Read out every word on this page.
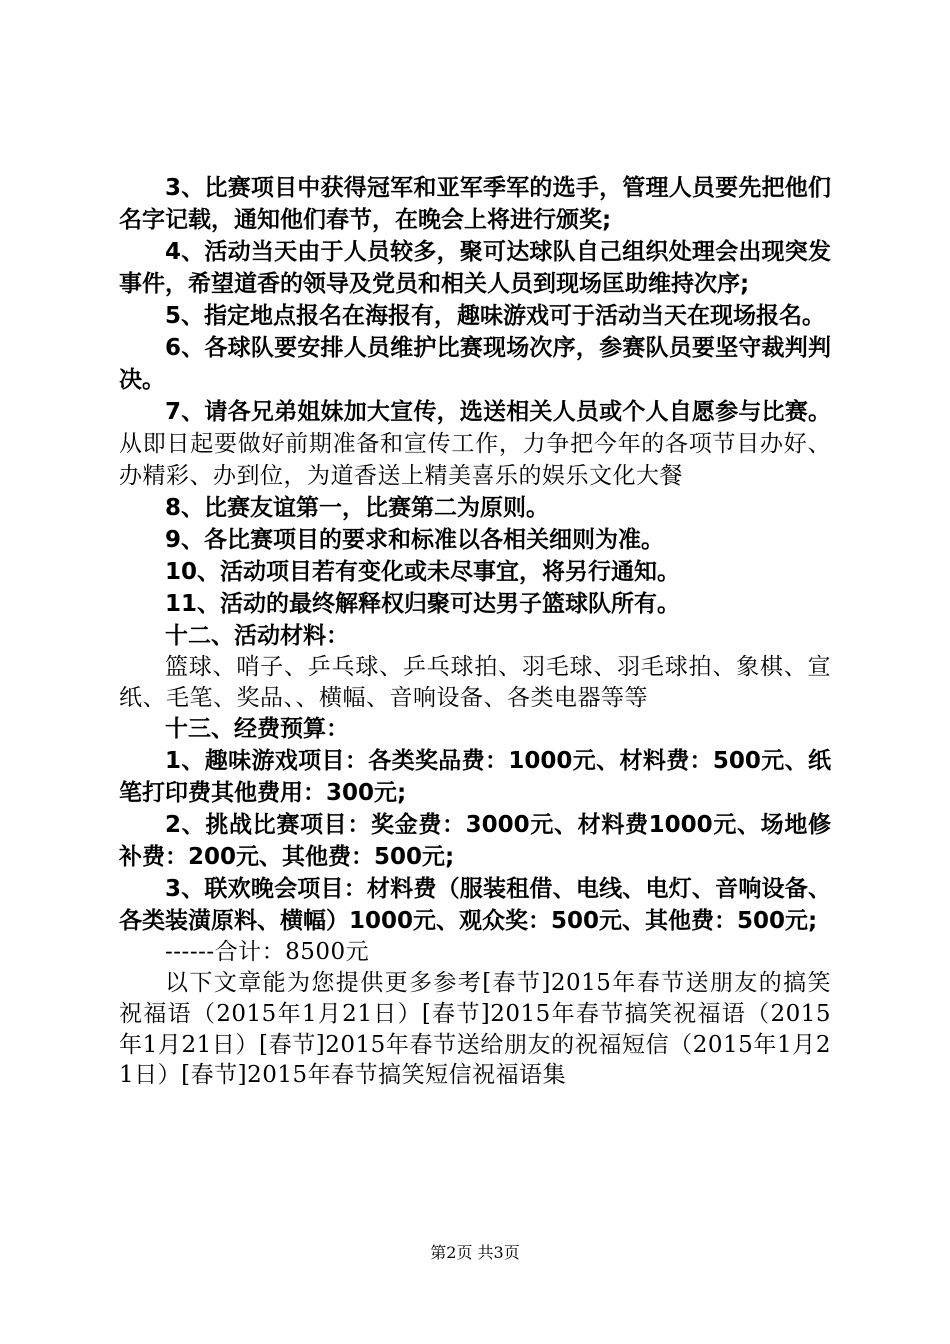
3、比赛项目中获得冠军和亚军季军的选手，管理人员要先把他们名字记载，通知他们春节，在晚会上将进行颁奖;

4、活动当天由于人员较多，聚可达球队自己组织处理会出现突发事件，希望道香的领导及党员和相关人员到现场匡助维持次序;

5、指定地点报名在海报有，趣味游戏可于活动当天在现场报名。

6、各球队要安排人员维护比赛现场次序，参赛队员要坚守裁判判决。

7、请各兄弟姐妹加大宣传，选送相关人员或个人自愿参与比赛。从即日起要做好前期准备和宣传工作，力争把今年的各项节目办好、办精彩、办到位，为道香送上精美喜乐的娱乐文化大餐

8、比赛友谊第一，比赛第二为原则。

9、各比赛项目的要求和标准以各相关细则为准。

10、活动项目若有变化或未尽事宜，将另行通知。

11、活动的最终解释权归聚可达男子篮球队所有。

十二、活动材料：

篮球、哨子、乒乓球、乒乓球拍、羽毛球、羽毛球拍、象棋、宣纸、毛笔、奖品、、横幅、音响设备、各类电器等等

十三、经费预算：

1、趣味游戏项目：各类奖品费：1000元、材料费：500元、纸笔打印费其他费用：300元;

2、挑战比赛项目：奖金费：3000元、材料费1000元、场地修补费：200元、其他费：500元;

3、联欢晚会项目：材料费（服装租借、电线、电灯、音响设备、各类装潢原料、横幅）1000元、观众奖：500元、其他费：500元;

------合计：8500元

以下文章能为您提供更多参考[春节]2015年春节送朋友的搞笑祝福语（2015年1月21日）[春节]2015年春节搞笑祝福语（2015年1月21日）[春节]2015年春节送给朋友的祝福短信（2015年1月21日）[春节]2015年春节搞笑短信祝福语集

第2页 共3页
